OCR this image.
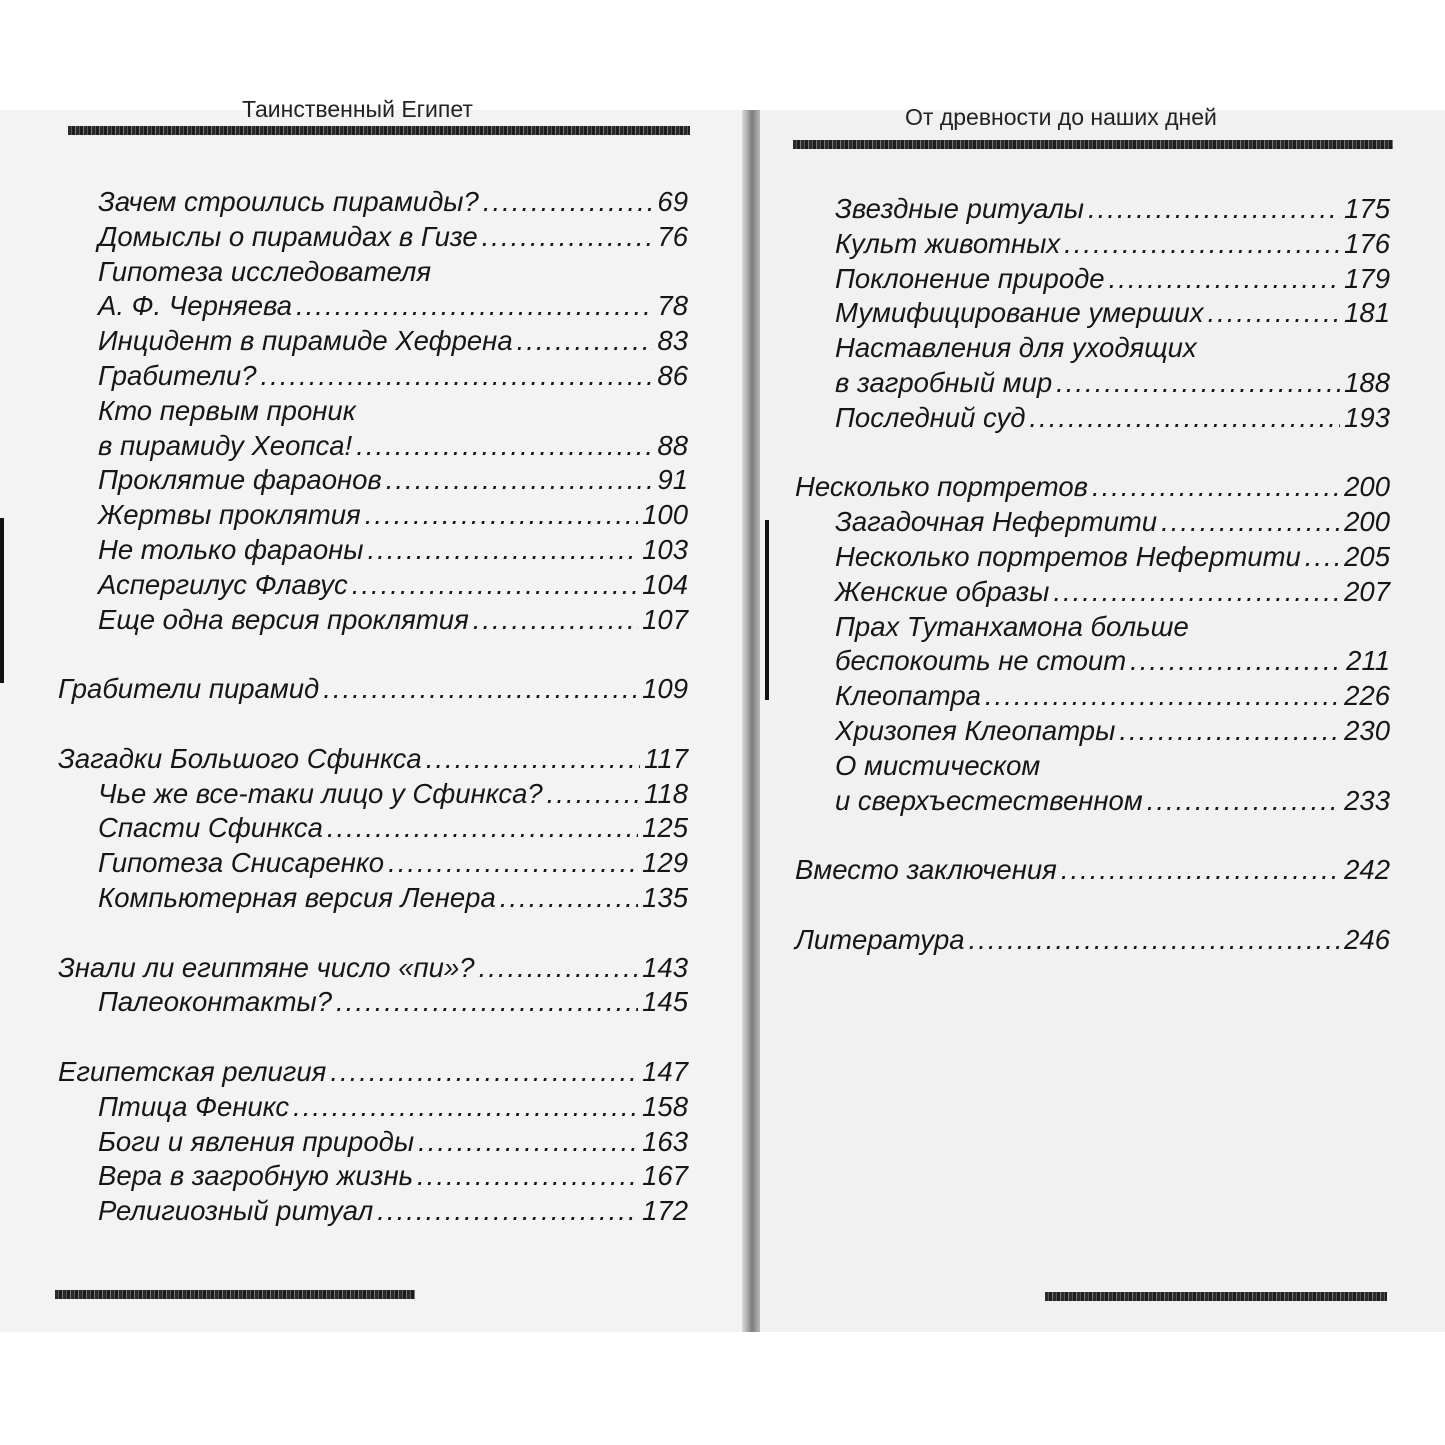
Таинственный Египет	От древности до наших дней
Зачем строились пирамиды? .....	69
Домыслы о пирамидах в Гизе .....	76
Гипотеза исследователя
А. Ф. Черняева .....	78
Инцидент в пирамиде Хефрена .....	83
Грабители? .....	86
Кто первым проник
в пирамиду Хеопса! .....	88
Проклятие фараонов .....	91
Жертвы проклятия .....	100
Не только фараоны .....	103
Аспергилус Флавус .....	104
Еще одна версия проклятия .....	107
Грабители пирамид .....	109
Загадки Большого Сфинкса .....	117
Чье же все-таки лицо у Сфинкса? .....	118
Спасти Сфинкса .....	125
Гипотеза Снисаренко .....	129
Компьютерная версия Ленера .....	135
Знали ли египтяне число «пи»? .....	143
Палеоконтакты? .....	145
Египетская религия .....	147
Птица Феникс .....	158
Боги и явления природы .....	163
Вера в загробную жизнь .....	167
Религиозный ритуал .....	172
Звездные ритуалы .....	175
Культ животных .....	176
Поклонение природе .....	179
Мумифицирование умерших .....	181
Наставления для уходящих
в загробный мир .....	188
Последний суд .....	193
Несколько портретов .....	200
Загадочная Нефертити .....	200
Несколько портретов Нефертити ..... 205
Женские образы .....	207
Прах Тутанхамона больше
беспокоить не стоит .....	211
Клеопатра .....	226
Хризопея Клеопатры .....	230
О мистическом
и сверхъестественном .....	233
Вместо заключения .....	242
Литература .....	246
